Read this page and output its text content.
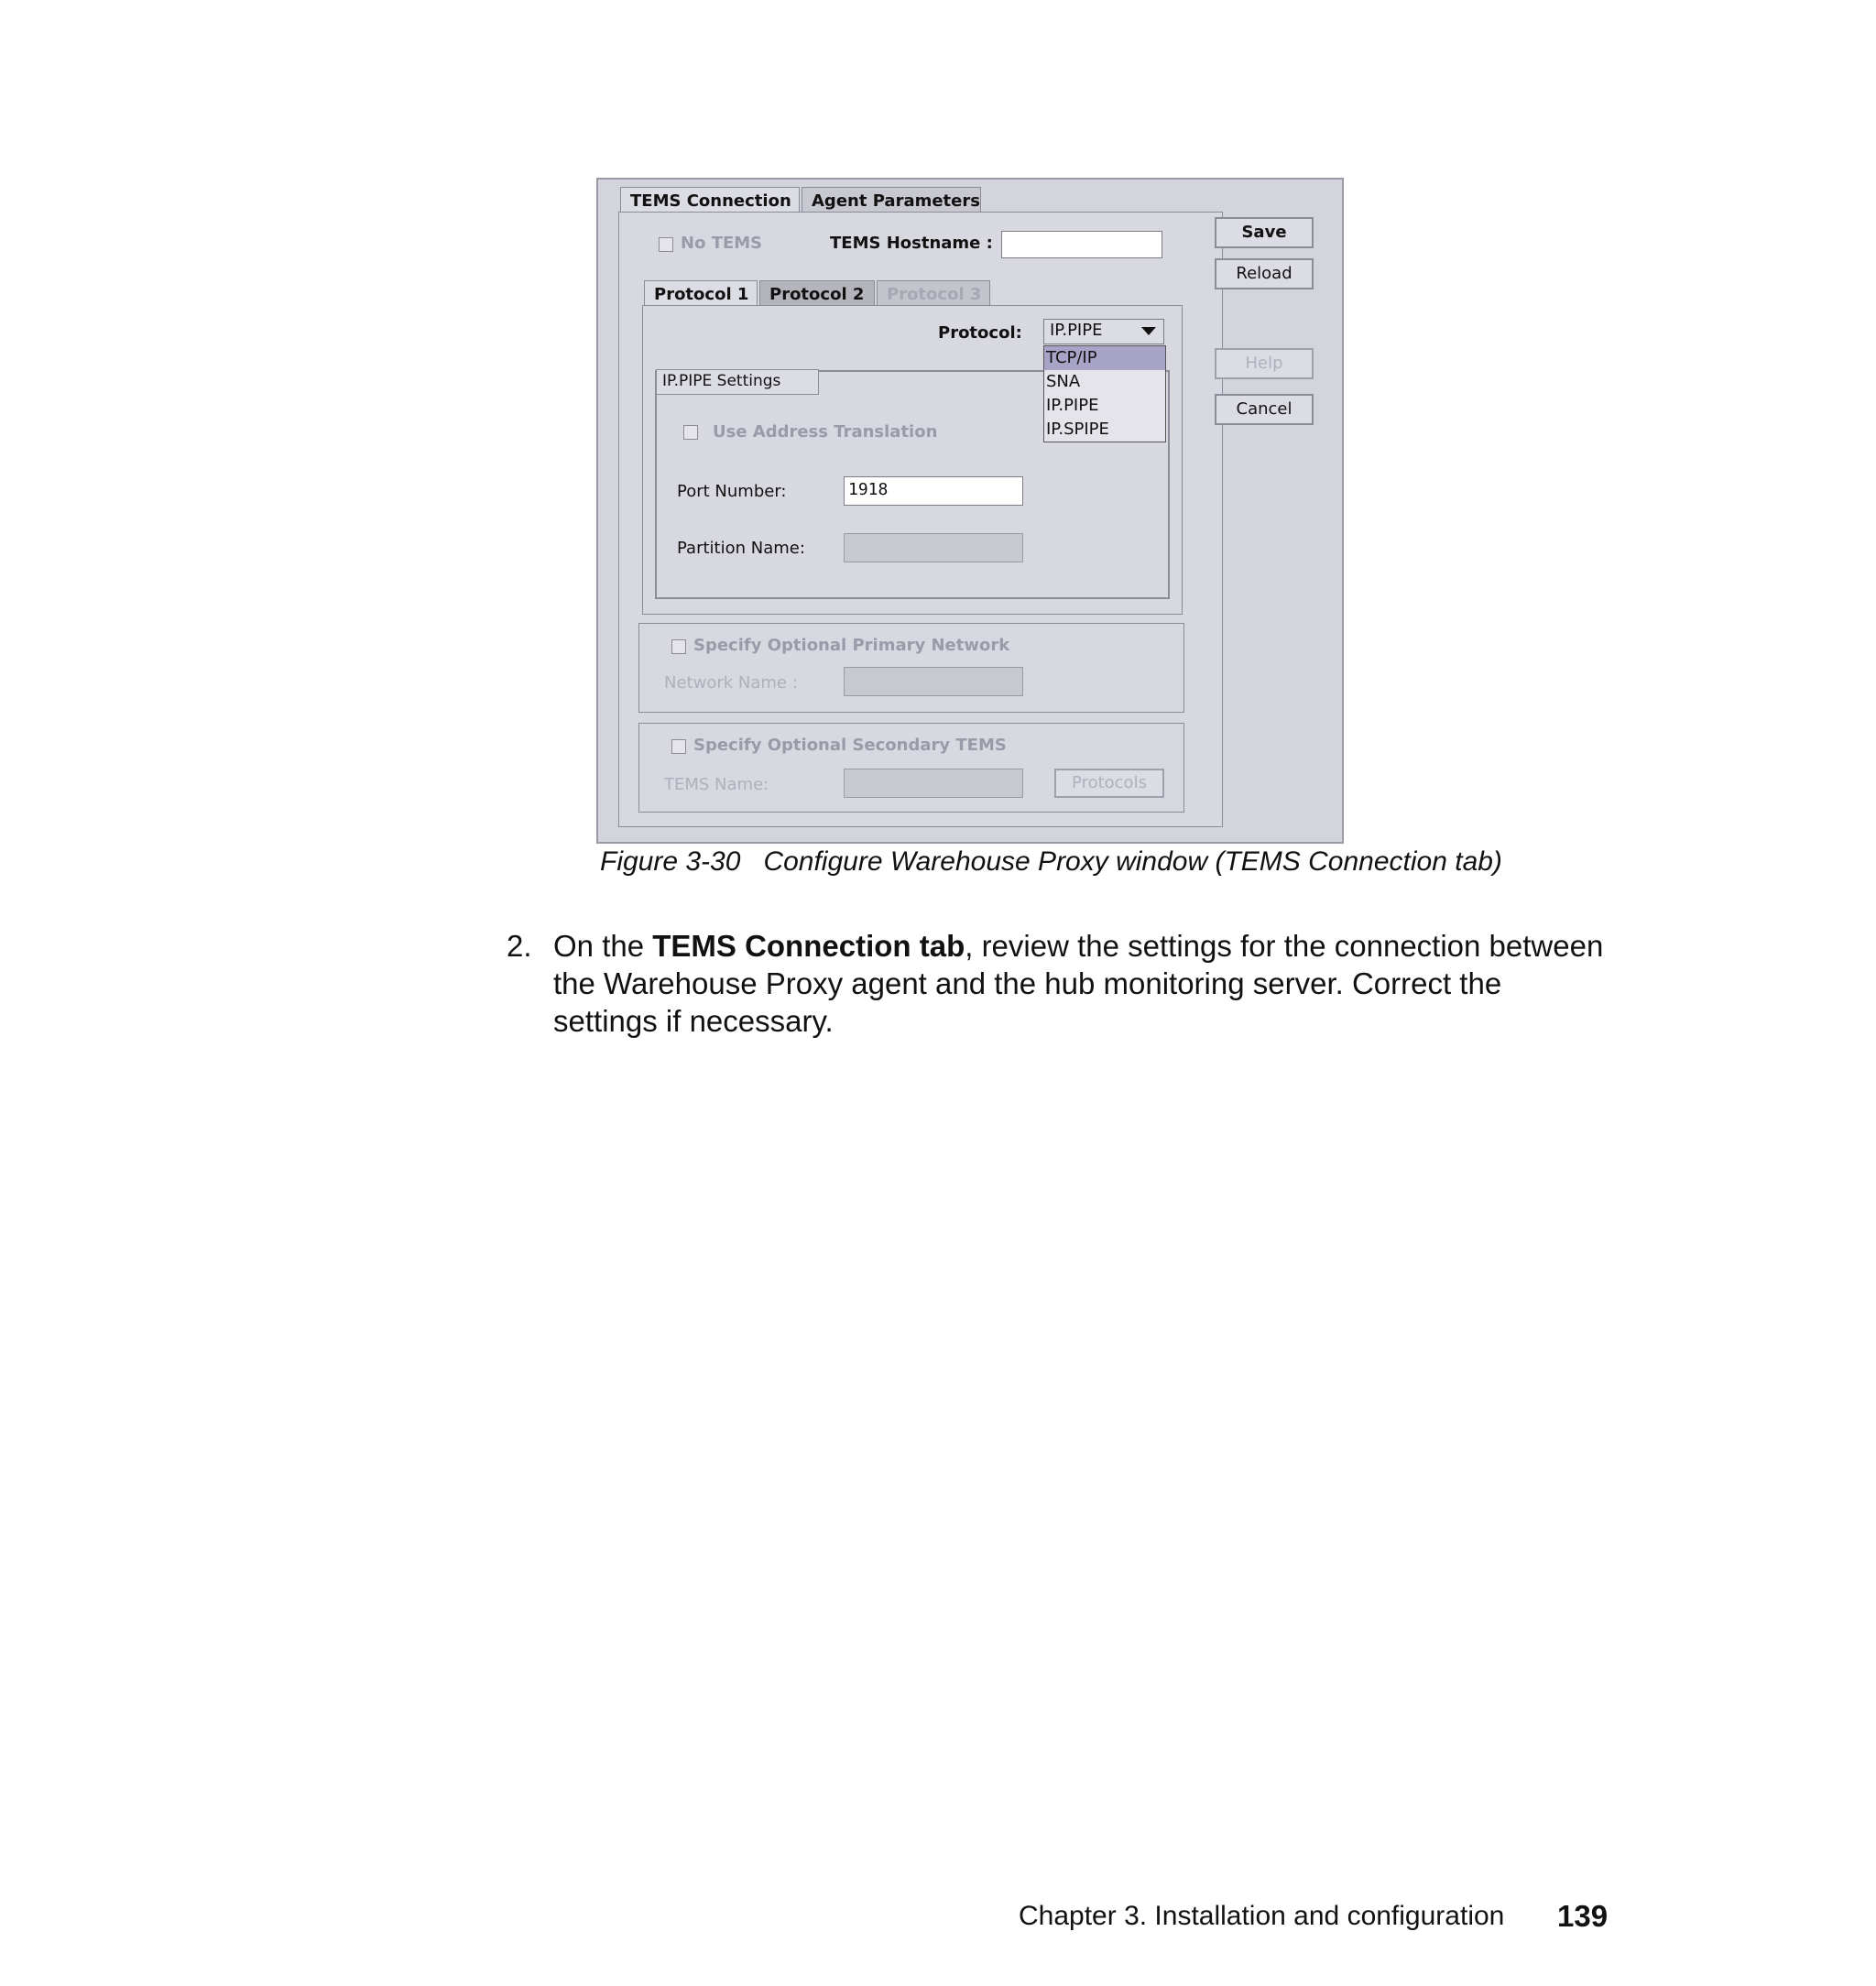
TEMS Connection	Agent Parameters
No TEMS	TEMS Hostname :
Protocol 1	Protocol 2	Protocol 3
Protocol:	IP.PIPE
IP.PIPE Settings
Use Address Translation
Port Number:	1918
Partition Name:
Specify Optional Primary Network
Network Name :
Specify Optional Secondary TEMS
TEMS Name:	Protocols
TCP/IP
SNA
IP.PIPE
IP.SPIPE
Save
Reload
Help
Cancel
Figure 3-30 Configure Warehouse Proxy window (TEMS Connection tab)
2. On the TEMS Connection tab, review the settings for the connection between the Warehouse Proxy agent and the hub monitoring server. Correct the settings if necessary.
Chapter 3. Installation and configuration 139
